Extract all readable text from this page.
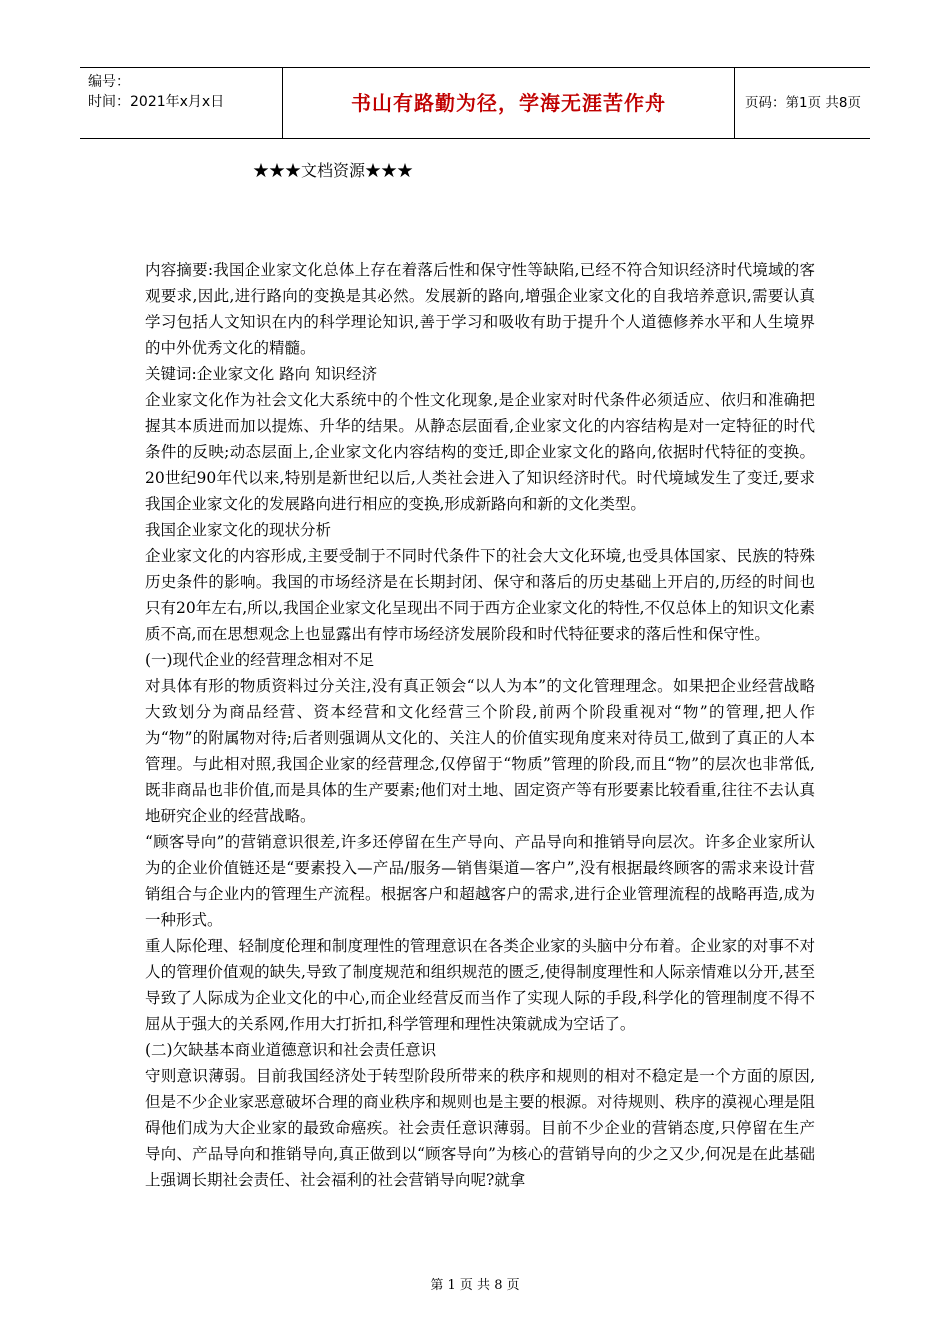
编号：
时间：2021年x月x日	书山有路勤为径，学海无涯苦作舟	页码：第1页 共8页
★★★文档资源★★★

内容摘要:我国企业家文化总体上存在着落后性和保守性等缺陷,已经不符合知识经济时代境域的客观要求,因此,进行路向的变换是其必然。发展新的路向,增强企业家文化的自我培养意识,需要认真学习包括人文知识在内的科学理论知识,善于学习和吸收有助于提升个人道德修养水平和人生境界的中外优秀文化的精髓。

关键词:企业家文化 路向 知识经济

企业家文化作为社会文化大系统中的个性文化现象,是企业家对时代条件必须适应、依归和准确把握其本质进而加以提炼、升华的结果。从静态层面看,企业家文化的内容结构是对一定特征的时代条件的反映;动态层面上,企业家文化内容结构的变迁,即企业家文化的路向,依据时代特征的变换。20世纪90年代以来,特别是新世纪以后,人类社会进入了知识经济时代。时代境域发生了变迁,要求我国企业家文化的发展路向进行相应的变换,形成新路向和新的文化类型。

我国企业家文化的现状分析

企业家文化的内容形成,主要受制于不同时代条件下的社会大文化环境,也受具体国家、民族的特殊历史条件的影响。我国的市场经济是在长期封闭、保守和落后的历史基础上开启的,历经的时间也只有20年左右,所以,我国企业家文化呈现出不同于西方企业家文化的特性,不仅总体上的知识文化素质不高,而在思想观念上也显露出有悖市场经济发展阶段和时代特征要求的落后性和保守性。

(一)现代企业的经营理念相对不足

对具体有形的物质资料过分关注,没有真正领会“以人为本”的文化管理理念。如果把企业经营战略大致划分为商品经营、资本经营和文化经营三个阶段,前两个阶段重视对“物”的管理,把人作为“物”的附属物对待;后者则强调从文化的、关注人的价值实现角度来对待员工,做到了真正的人本管理。与此相对照,我国企业家的经营理念,仅停留于“物质”管理的阶段,而且“物”的层次也非常低,既非商品也非价值,而是具体的生产要素;他们对土地、固定资产等有形要素比较看重,往往不去认真地研究企业的经营战略。

“顾客导向”的营销意识很差,许多还停留在生产导向、产品导向和推销导向层次。许多企业家所认为的企业价值链还是“要素投入—产品/服务—销售渠道—客户”,没有根据最终顾客的需求来设计营销组合与企业内的管理生产流程。根据客户和超越客户的需求,进行企业管理流程的战略再造,成为一种形式。

重人际伦理、轻制度伦理和制度理性的管理意识在各类企业家的头脑中分布着。企业家的对事不对人的管理价值观的缺失,导致了制度规范和组织规范的匮乏,使得制度理性和人际亲情难以分开,甚至导致了人际成为企业文化的中心,而企业经营反而当作了实现人际的手段,科学化的管理制度不得不屈从于强大的关系网,作用大打折扣,科学管理和理性决策就成为空话了。

(二)欠缺基本商业道德意识和社会责任意识

守则意识薄弱。目前我国经济处于转型阶段所带来的秩序和规则的相对不稳定是一个方面的原因,但是不少企业家恶意破坏合理的商业秩序和规则也是主要的根源。对待规则、秩序的漠视心理是阻碍他们成为大企业家的最致命癌疾。社会责任意识薄弱。目前不少企业的营销态度,只停留在生产导向、产品导向和推销导向,真正做到以“顾客导向”为核心的营销导向的少之又少,何况是在此基础上强调长期社会责任、社会福利的社会营销导向呢?就拿

第 1 页 共 8 页
